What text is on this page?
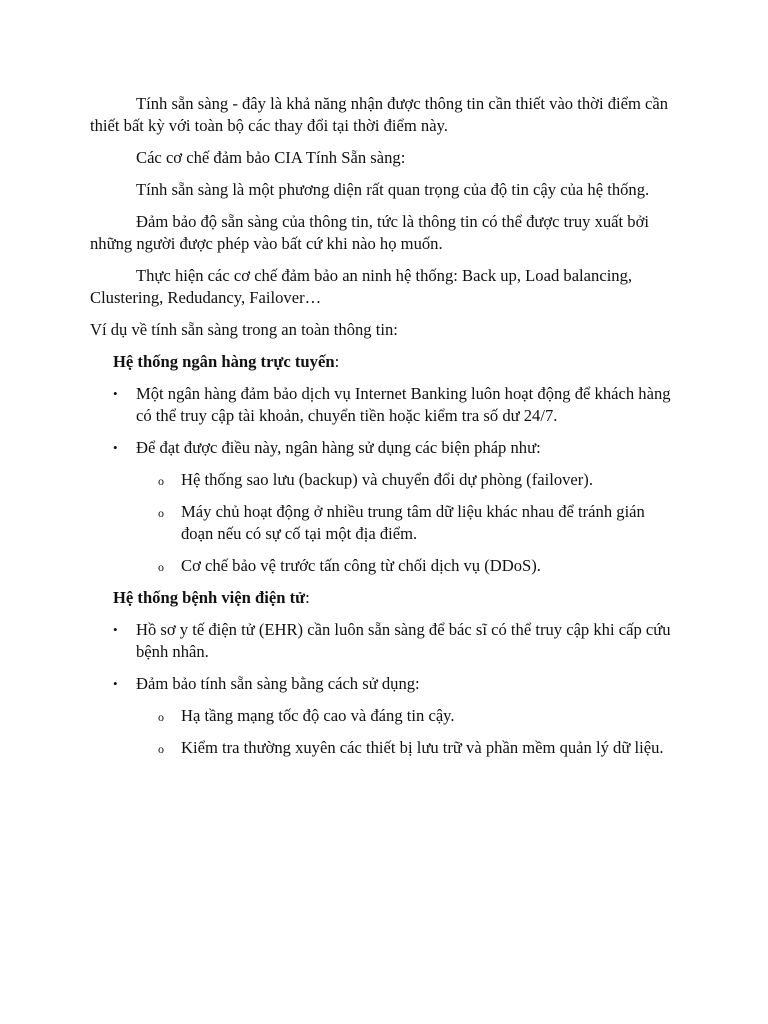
Tính sẵn sàng - đây là khả năng nhận được thông tin cần thiết vào thời điểm cần thiết bất kỳ với toàn bộ các thay đổi tại thời điểm này.

Các cơ chế đảm bảo CIA Tính Sẵn sàng:

Tính sẵn sàng là một phương diện rất quan trọng của độ tin cậy của hệ thống.

Đảm bảo độ sẵn sàng của thông tin, tức là thông tin có thể được truy xuất bởi những người được phép vào bất cứ khi nào họ muốn.

Thực hiện các cơ chế đảm bảo an ninh hệ thống: Back up, Load balancing, Clustering, Redudancy, Failover…

Ví dụ về tính sẵn sàng trong an toàn thông tin:

Hệ thống ngân hàng trực tuyến:

• Một ngân hàng đảm bảo dịch vụ Internet Banking luôn hoạt động để khách hàng có thể truy cập tài khoản, chuyển tiền hoặc kiểm tra số dư 24/7.
• Để đạt được điều này, ngân hàng sử dụng các biện pháp như:
o Hệ thống sao lưu (backup) và chuyển đổi dự phòng (failover).
o Máy chủ hoạt động ở nhiều trung tâm dữ liệu khác nhau để tránh gián đoạn nếu có sự cố tại một địa điểm.
o Cơ chế bảo vệ trước tấn công từ chối dịch vụ (DDoS).

Hệ thống bệnh viện điện tử:

• Hồ sơ y tế điện tử (EHR) cần luôn sẵn sàng để bác sĩ có thể truy cập khi cấp cứu bệnh nhân.
• Đảm bảo tính sẵn sàng bằng cách sử dụng:
o Hạ tầng mạng tốc độ cao và đáng tin cậy.
o Kiểm tra thường xuyên các thiết bị lưu trữ và phần mềm quản lý dữ liệu.
